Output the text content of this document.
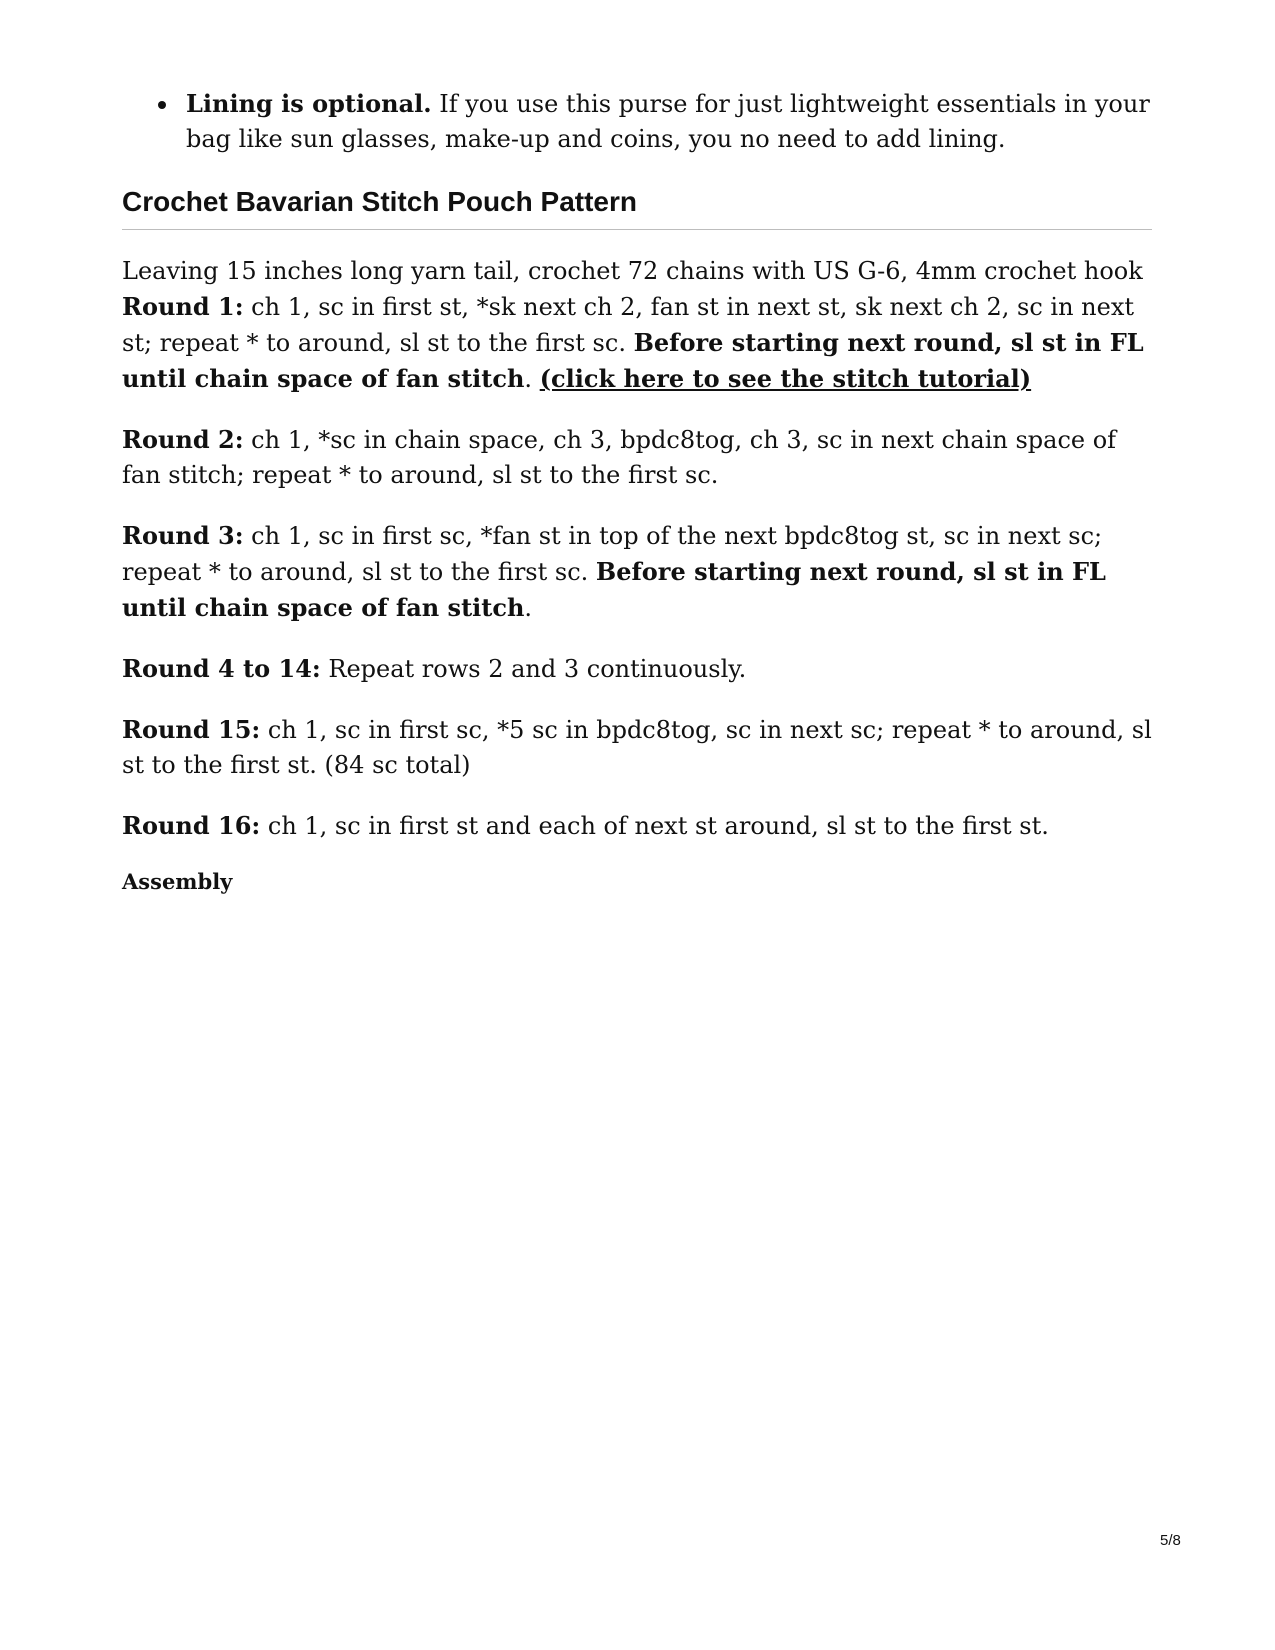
Lining is optional. If you use this purse for just lightweight essentials in your bag like sun glasses, make-up and coins, you no need to add lining.
Crochet Bavarian Stitch Pouch Pattern

Leaving 15 inches long yarn tail, crochet 72 chains with US G-6, 4mm crochet hook
Round 1: ch 1, sc in first st, *sk next ch 2, fan st in next st, sk next ch 2, sc in next st; repeat * to around, sl st to the first sc. Before starting next round, sl st in FL until chain space of fan stitch. (click here to see the stitch tutorial)

Round 2: ch 1, *sc in chain space, ch 3, bpdc8tog, ch 3, sc in next chain space of fan stitch; repeat * to around, sl st to the first sc.

Round 3: ch 1, sc in first sc, *fan st in top of the next bpdc8tog st, sc in next sc; repeat * to around, sl st to the first sc. Before starting next round, sl st in FL until chain space of fan stitch.

Round 4 to 14: Repeat rows 2 and 3 continuously.

Round 15: ch 1, sc in first sc, *5 sc in bpdc8tog, sc in next sc; repeat * to around, sl st to the first st. (84 sc total)

Round 16: ch 1, sc in first st and each of next st around, sl st to the first st.

Assembly
5/8
